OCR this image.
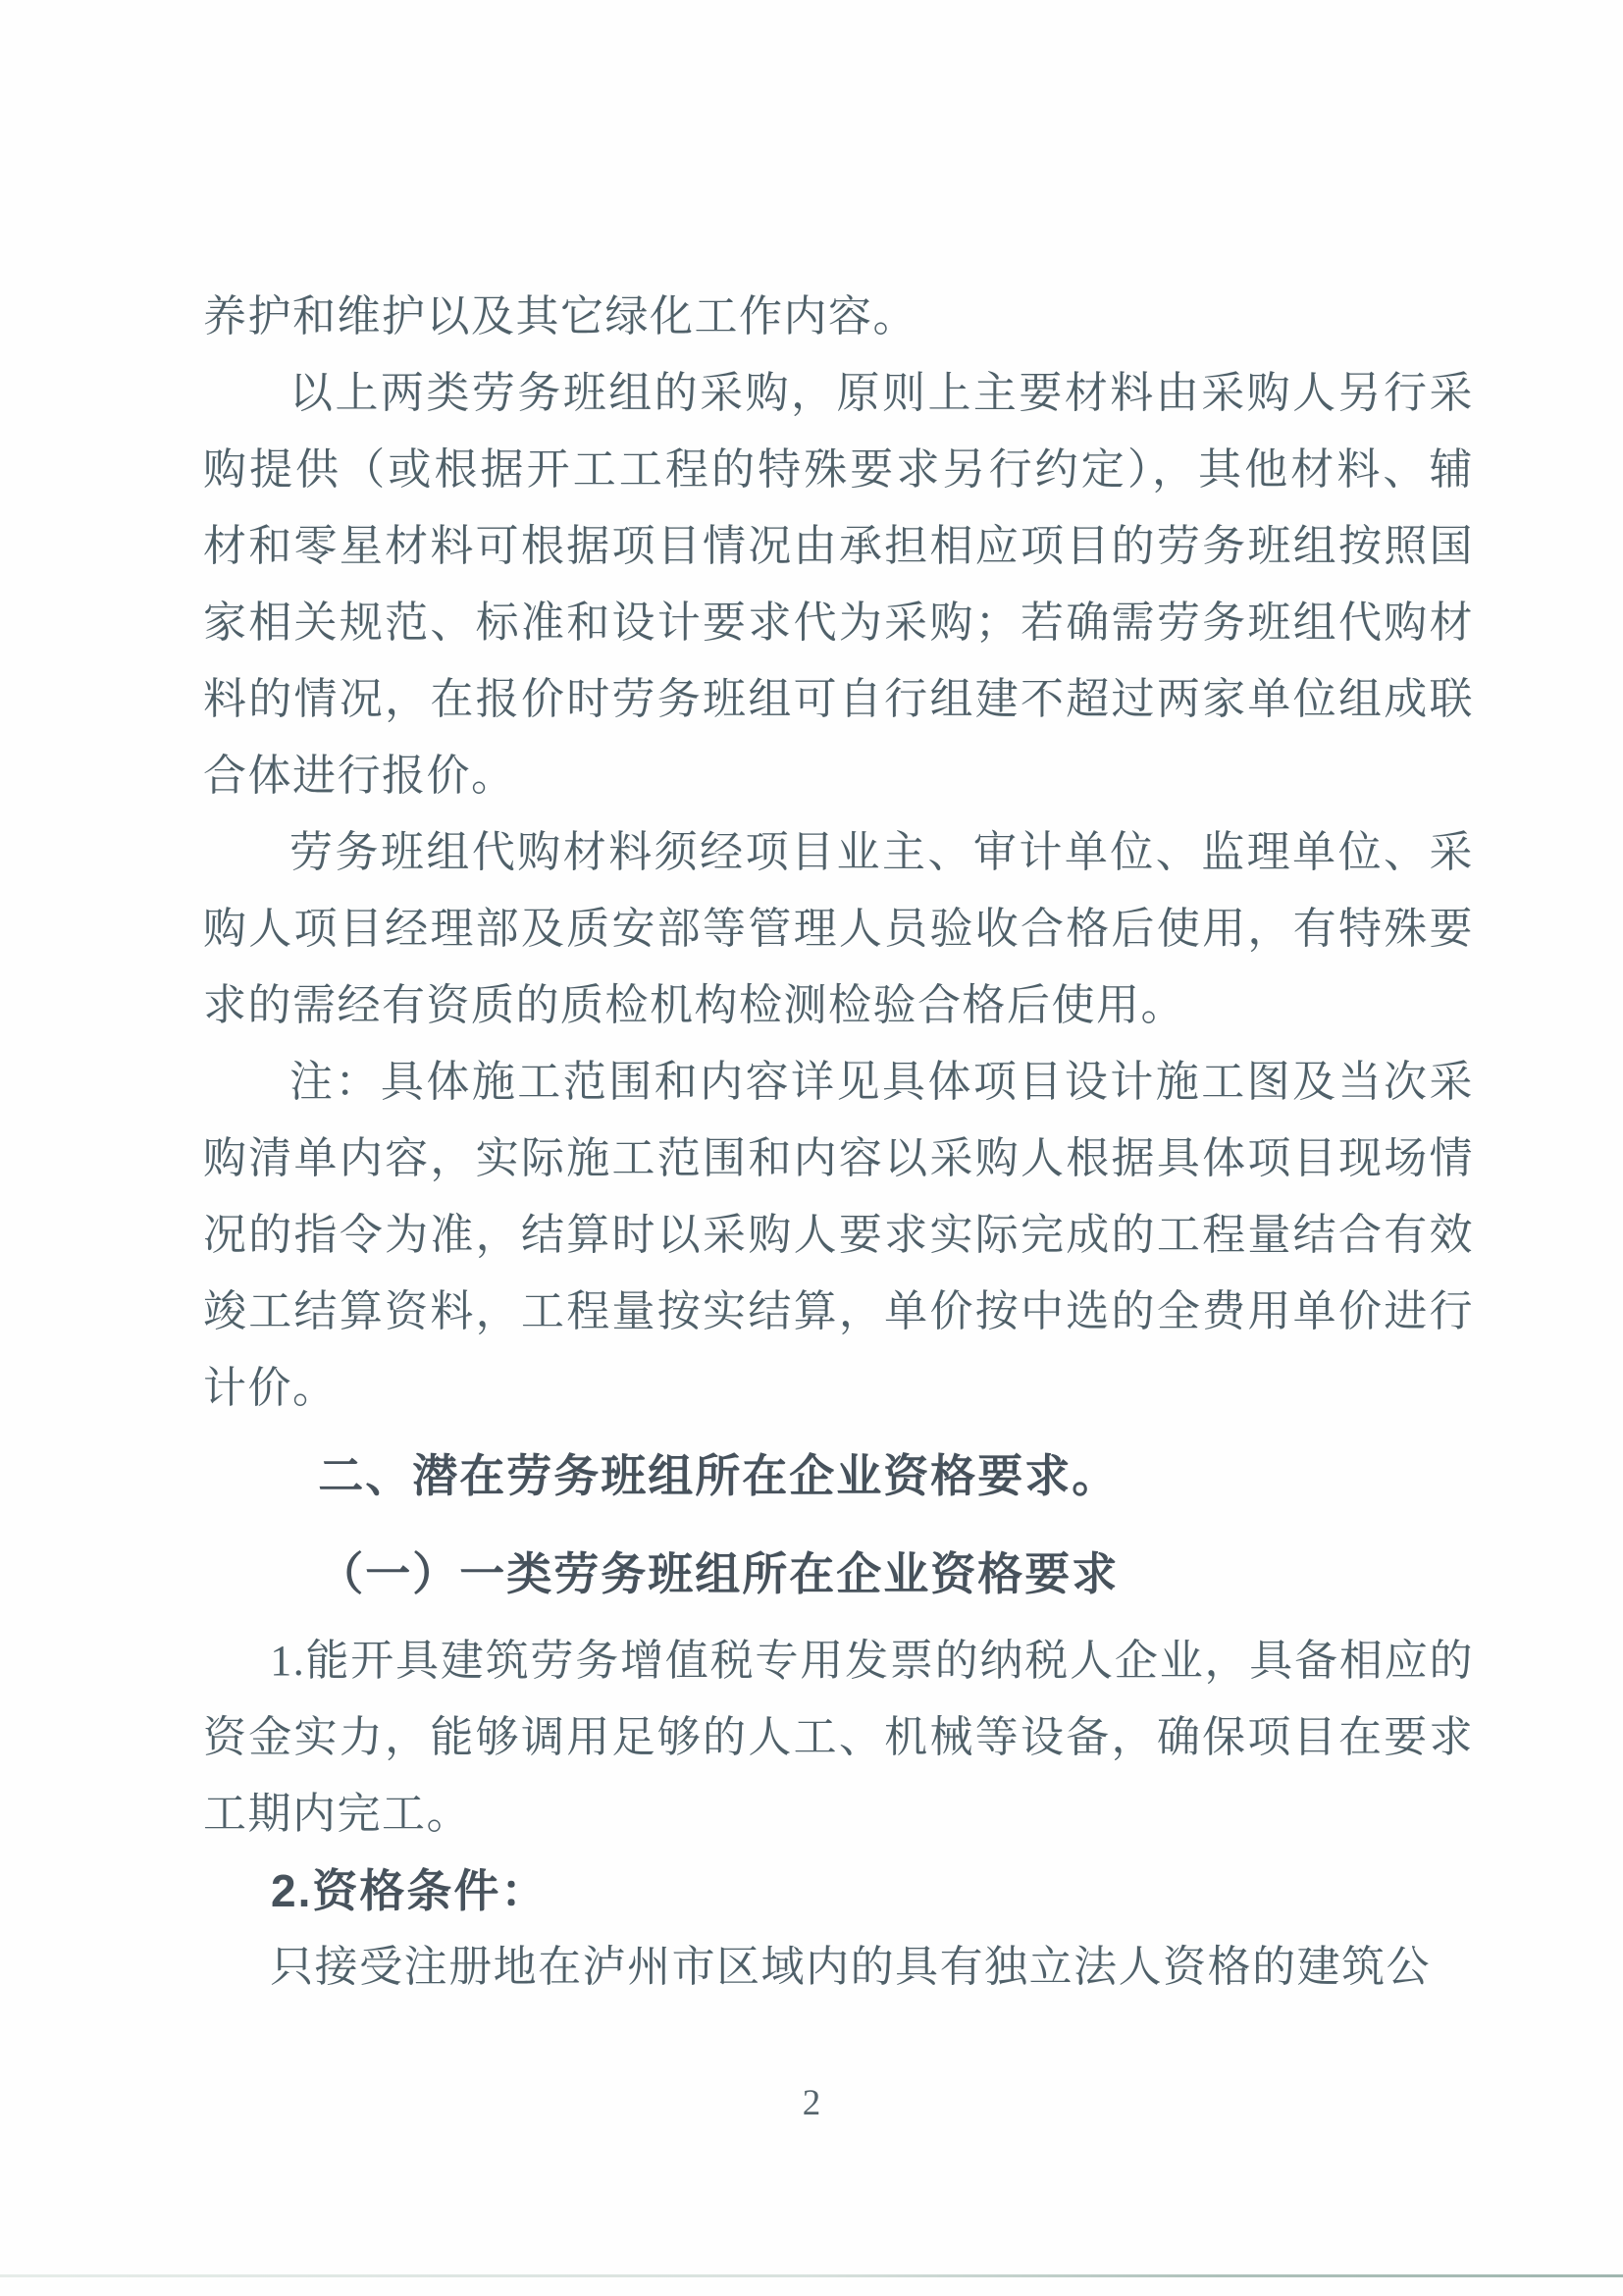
养护和维护以及其它绿化工作内容。

以上两类劳务班组的采购，原则上主要材料由采购人另行采购提供（或根据开工工程的特殊要求另行约定），其他材料、辅材和零星材料可根据项目情况由承担相应项目的劳务班组按照国家相关规范、标准和设计要求代为采购；若确需劳务班组代购材料的情况，在报价时劳务班组可自行组建不超过两家单位组成联合体进行报价。

劳务班组代购材料须经项目业主、审计单位、监理单位、采购人项目经理部及质安部等管理人员验收合格后使用，有特殊要求的需经有资质的质检机构检测检验合格后使用。

注：具体施工范围和内容详见具体项目设计施工图及当次采购清单内容，实际施工范围和内容以采购人根据具体项目现场情况的指令为准，结算时以采购人要求实际完成的工程量结合有效竣工结算资料，工程量按实结算，单价按中选的全费用单价进行计价。

二、潜在劳务班组所在企业资格要求。

（一）一类劳务班组所在企业资格要求

1.能开具建筑劳务增值税专用发票的纳税人企业，具备相应的资金实力，能够调用足够的人工、机械等设备，确保项目在要求工期内完工。

2.资格条件：

只接受注册地在泸州市区域内的具有独立法人资格的建筑公

2
